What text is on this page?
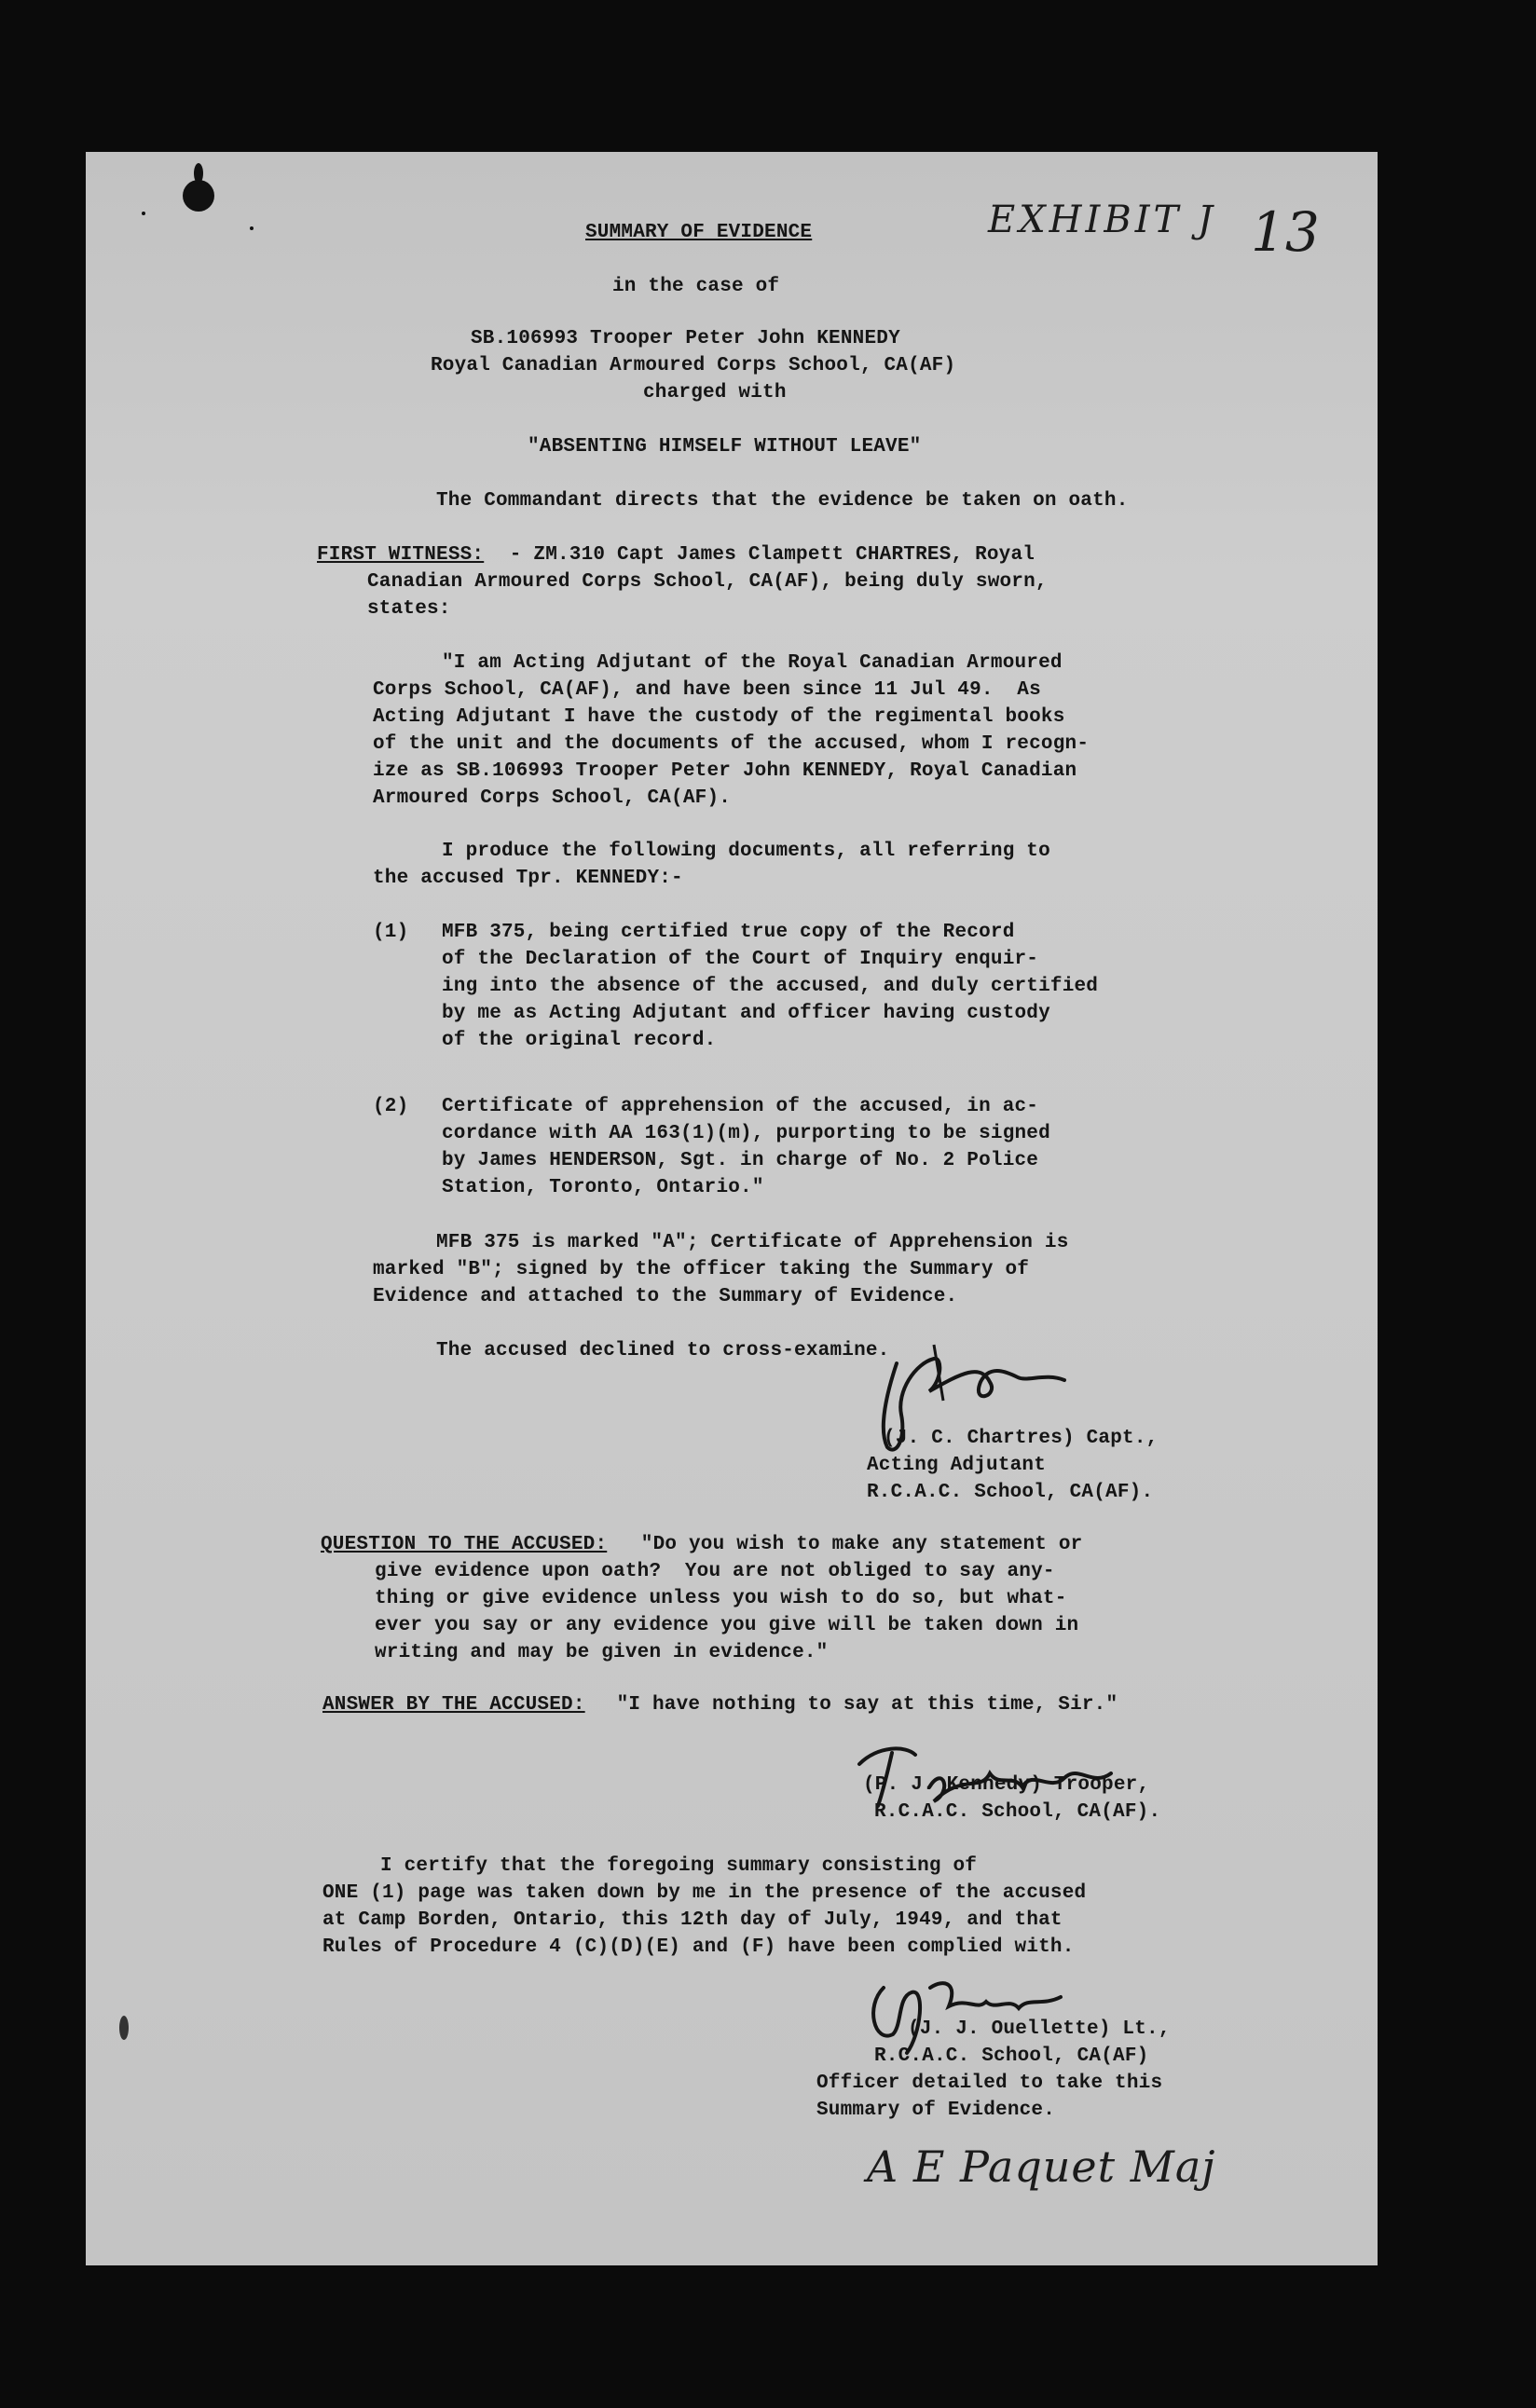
EXHIBIT J 13
SUMMARY OF EVIDENCE
in the case of
SB.106993 Trooper Peter John KENNEDY
Royal Canadian Armoured Corps School, CA(AF)
charged with
"ABSENTING HIMSELF WITHOUT LEAVE"
The Commandant directs that the evidence be taken on oath.
FIRST WITNESS: - ZM.310 Capt James Clampett CHARTRES, Royal
Canadian Armoured Corps School, CA(AF), being duly sworn,
states:
"I am Acting Adjutant of the Royal Canadian Armoured
Corps School, CA(AF), and have been since 11 Jul 49.  As
Acting Adjutant I have the custody of the regimental books
of the unit and the documents of the accused, whom I recogn-
ize as SB.106993 Trooper Peter John KENNEDY, Royal Canadian
Armoured Corps School, CA(AF).
I produce the following documents, all referring to
the accused Tpr. KENNEDY:-
(1) MFB 375, being certified true copy of the Record
of the Declaration of the Court of Inquiry enquir-
ing into the absence of the accused, and duly certified
by me as Acting Adjutant and officer having custody
of the original record.
(2) Certificate of apprehension of the accused, in ac-
cordance with AA 163(1)(m), purporting to be signed
by James HENDERSON, Sgt. in charge of No. 2 Police
Station, Toronto, Ontario."
MFB 375 is marked "A"; Certificate of Apprehension is
marked "B"; signed by the officer taking the Summary of
Evidence and attached to the Summary of Evidence.
The accused declined to cross-examine.
(J. C. Chartres) Capt.,
Acting Adjutant
R.C.A.C. School, CA(AF).
QUESTION TO THE ACCUSED: "Do you wish to make any statement or
give evidence upon oath?  You are not obliged to say any-
thing or give evidence unless you wish to do so, but what-
ever you say or any evidence you give will be taken down in
writing and may be given in evidence."
ANSWER BY THE ACCUSED: "I have nothing to say at this time, Sir."
(P. J. Kennedy) Trooper,
R.C.A.C. School, CA(AF).
I certify that the foregoing summary consisting of
ONE (1) page was taken down by me in the presence of the accused
at Camp Borden, Ontario, this 12th day of July, 1949, and that
Rules of Procedure 4 (C)(D)(E) and (F) have been complied with.
(J. J. Ouellette) Lt.,
R.C.A.C. School, CA(AF)
Officer detailed to take this
Summary of Evidence.
A E Paquet Maj
